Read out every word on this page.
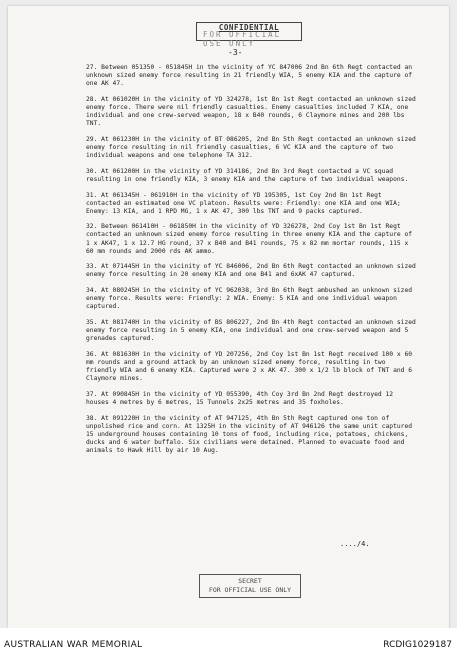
FOR OFFICIAL USE ONLY
CONFIDENTIAL
-3-

27. Between 051350 - 051845H in the vicinity of YC 847006 2nd Bn 6th Regt contacted an unknown sized enemy force resulting in 21 friendly WIA, 5 enemy KIA and the capture of one AK 47.

28. At 061020H in the vicinity of YD 324278, 1st Bn 1st Regt contacted an unknown sized enemy force. There were nil friendly casualties. Enemy casualties included 7 KIA, one individual and one crew-served weapon, 18 x B40 rounds, 6 Claymore mines and 200 lbs TNT.

29. At 061230H in the vicinity of BT 086205, 2nd Bn 5th Regt contacted an unknown sized enemy force resulting in nil friendly casualties, 6 VC KIA and the capture of two individual weapons and one telephone TA 312.

30. At 061200H in the vicinity of YD 314186, 2nd Bn 3rd Regt contacted a VC squad resulting in one friendly KIA, 3 enemy KIA and the capture of two individual weapons.

31. At 061345H - 061910H in the vicinity of YD 195305, 1st Coy 2nd Bn 1st Regt contacted an estimated one VC platoon. Results were: Friendly: one KIA and one WIA; Enemy: 13 KIA, and 1 RPD MG, 1 x AK 47, 300 lbs TNT and 9 packs captured.

32. Between 061410H - 061850H in the vicinity of YD 326278, 2nd Coy 1st Bn 1st Regt contacted an unknown sized enemy force resulting in three enemy KIA and the capture of 1 x AK47, 1 x 12.7 HG round, 37 x B40 and B41 rounds, 75 x 82 mm mortar rounds, 115 x 60 mm rounds and 2000 rds AK ammo.

33. At 071445H in the vicinity of YC 846006, 2nd Bn 6th Regt contacted an unknown sized enemy force resulting in 20 enemy KIA and one B41 and 6xAK 47 captured.

34. At 080245H in the vicinity of YC 962038, 3rd Bn 6th Regt ambushed an unknown sized enemy force. Results were: Friendly: 2 WIA. Enemy: 5 KIA and one individual weapon captured.

35. At 081740H in the vicinity of BS 806227, 2nd Bn 4th Regt contacted an unknown sized enemy force resulting in 5 enemy KIA, one individual and one crew-served weapon and 5 grenades captured.

36. At 081630H in the vicinity of YD 207256, 2nd Coy 1st Bn 1st Regt received 100 x 60 mm rounds and a ground attack by an unknown sized enemy force, resulting in two friendly WIA and 6 enemy KIA. Captured were 2 x AK 47. 300 x 1/2 lb block of TNT and 6 Claymore mines.

37. At 090845H in the vicinity of YD 055390, 4th Coy 3rd Bn 2nd Regt destroyed 12 houses 4 metres by 6 metres, 15 Tunnels 2x25 metres and 35 foxholes.

38. At 091220H in the vicinity of AT 947125, 4th Bn 5th Regt captured one ton of unpolished rice and corn. At 1325H in the vicinity of AT 946126 the same unit captured 15 underground houses containing 10 tons of food, including rice, potatoes, chickens, ducks and 6 water buffalo. Six civilians were detained. Planned to evacuate food and animals to Hawk Hill by air 10 Aug.

..../4.
SECRET
FOR OFFICIAL USE ONLY
AUSTRALIAN WAR MEMORIAL	RCDIG1029187
